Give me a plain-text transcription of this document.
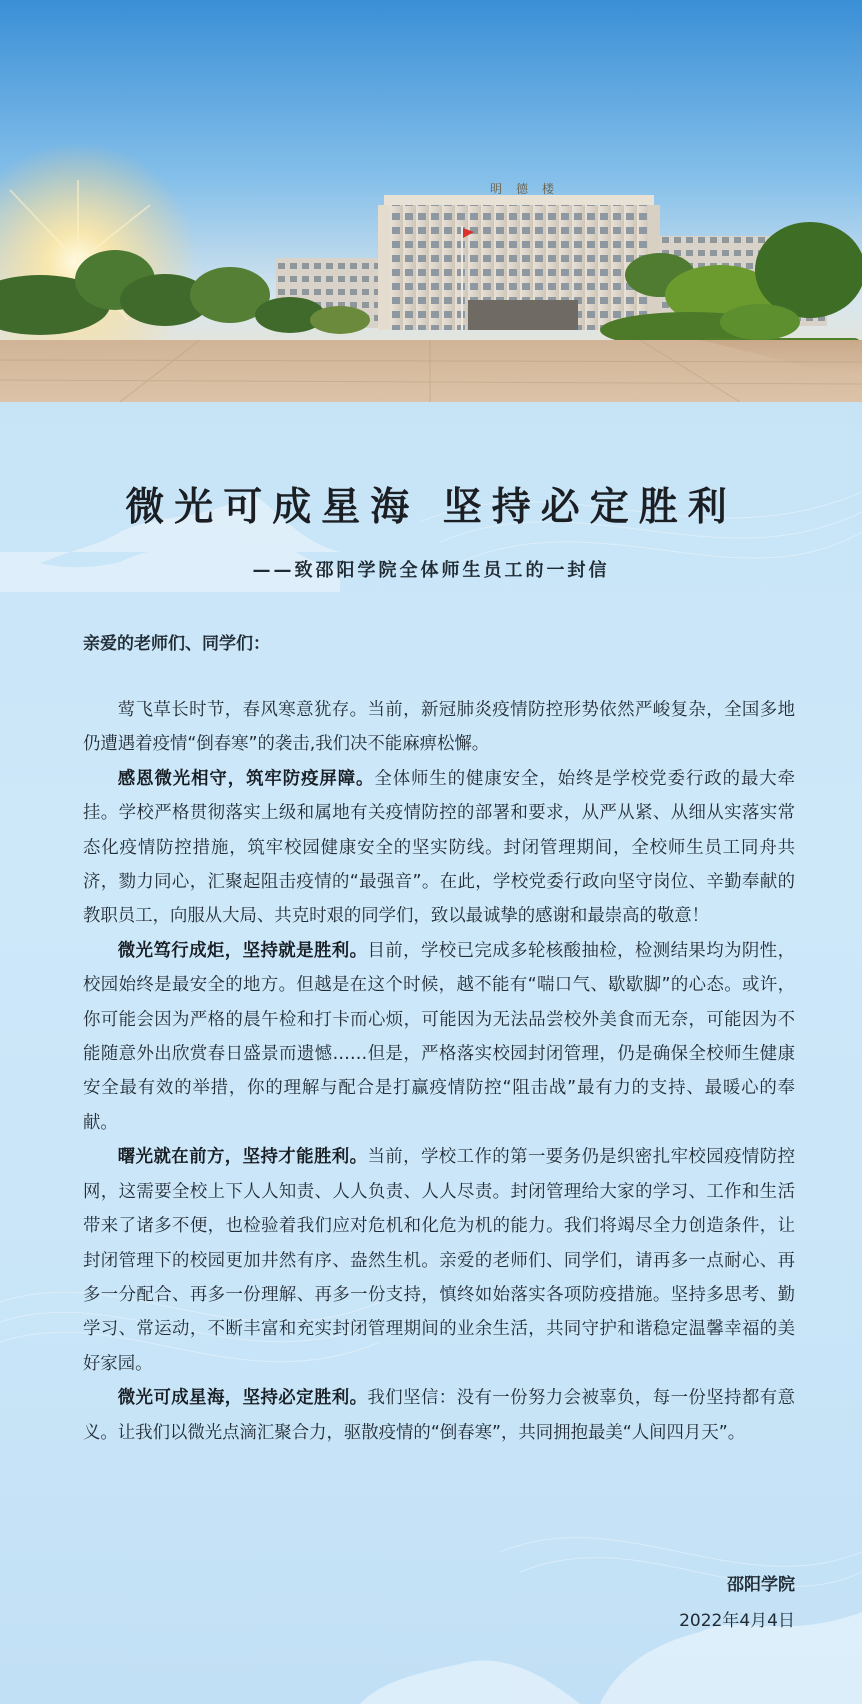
明德楼
微光可成星海 坚持必定胜利
——致邵阳学院全体师生员工的一封信
亲爱的老师们、同学们：

莺飞草长时节，春风寒意犹存。当前，新冠肺炎疫情防控形势依然严峻复杂，全国多地仍遭遇着疫情“倒春寒”的袭击,我们决不能麻痹松懈。

感恩微光相守，筑牢防疫屏障。全体师生的健康安全，始终是学校党委行政的最大牵挂。学校严格贯彻落实上级和属地有关疫情防控的部署和要求，从严从紧、从细从实落实常态化疫情防控措施，筑牢校园健康安全的坚实防线。封闭管理期间，全校师生员工同舟共济，勠力同心，汇聚起阻击疫情的“最强音”。在此，学校党委行政向坚守岗位、辛勤奉献的教职员工，向服从大局、共克时艰的同学们，致以最诚挚的感谢和最崇高的敬意！

微光笃行成炬，坚持就是胜利。目前，学校已完成多轮核酸抽检，检测结果均为阴性，校园始终是最安全的地方。但越是在这个时候，越不能有“喘口气、歇歇脚”的心态。或许，你可能会因为严格的晨午检和打卡而心烦，可能因为无法品尝校外美食而无奈，可能因为不能随意外出欣赏春日盛景而遗憾……但是，严格落实校园封闭管理，仍是确保全校师生健康安全最有效的举措，你的理解与配合是打赢疫情防控“阻击战”最有力的支持、最暖心的奉献。

曙光就在前方，坚持才能胜利。当前，学校工作的第一要务仍是织密扎牢校园疫情防控网，这需要全校上下人人知责、人人负责、人人尽责。封闭管理给大家的学习、工作和生活带来了诸多不便，也检验着我们应对危机和化危为机的能力。我们将竭尽全力创造条件，让封闭管理下的校园更加井然有序、盎然生机。亲爱的老师们、同学们，请再多一点耐心、再多一分配合、再多一份理解、再多一份支持，慎终如始落实各项防疫措施。坚持多思考、勤学习、常运动，不断丰富和充实封闭管理期间的业余生活，共同守护和谐稳定温馨幸福的美好家园。

微光可成星海，坚持必定胜利。我们坚信：没有一份努力会被辜负，每一份坚持都有意义。让我们以微光点滴汇聚合力，驱散疫情的“倒春寒”，共同拥抱最美“人间四月天”。

邵阳学院
2022年4月4日
